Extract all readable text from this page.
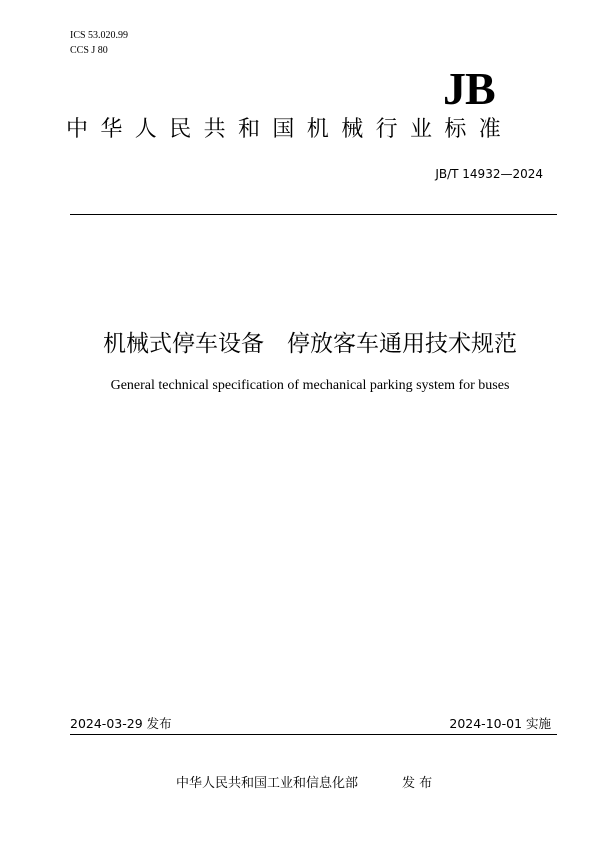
ICS 53.020.99
CCS J 80
JB
中华人民共和国机械行业标准
JB/T 14932—2024
机械式停车设备　停放客车通用技术规范
General technical specification of mechanical parking system for buses
2024-03-29 发布	2024-10-01 实施
中华人民共和国工业和信息化部	发 布
